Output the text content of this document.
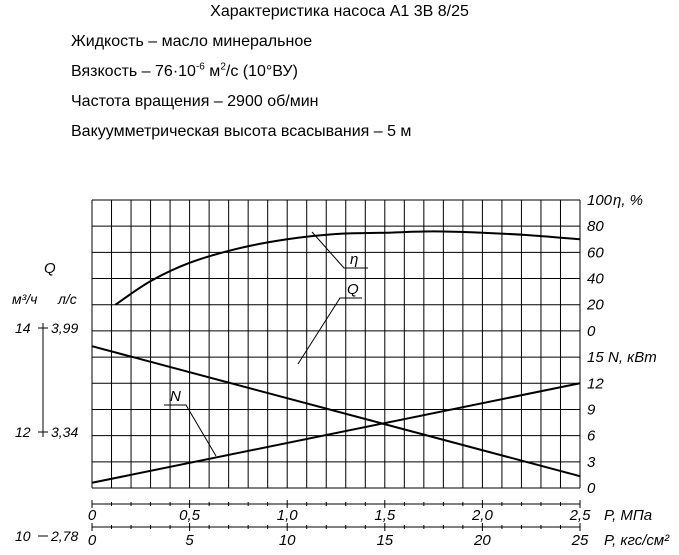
Характеристика насоса А1 3В 8/25
Жидкость – масло минеральное
Вязкость – $76\cdot 10^{-6}$ $м^2/с$ (10°ВУ)
Частота вращения – 2900 об/мин
Вакуумметрическая высота всасывания – 5 м
0	0,5	1,0	1,5	2,0	2,5 P, МПа
0	5	10	15	20	25 P, кгс/см²
0
20
40
60
80
100 η, %
0
3
6
9
12
15 N, кВт
Q
м³/ч л/с
14 3,99
12 3,34
10 2,78
η
Q
N
